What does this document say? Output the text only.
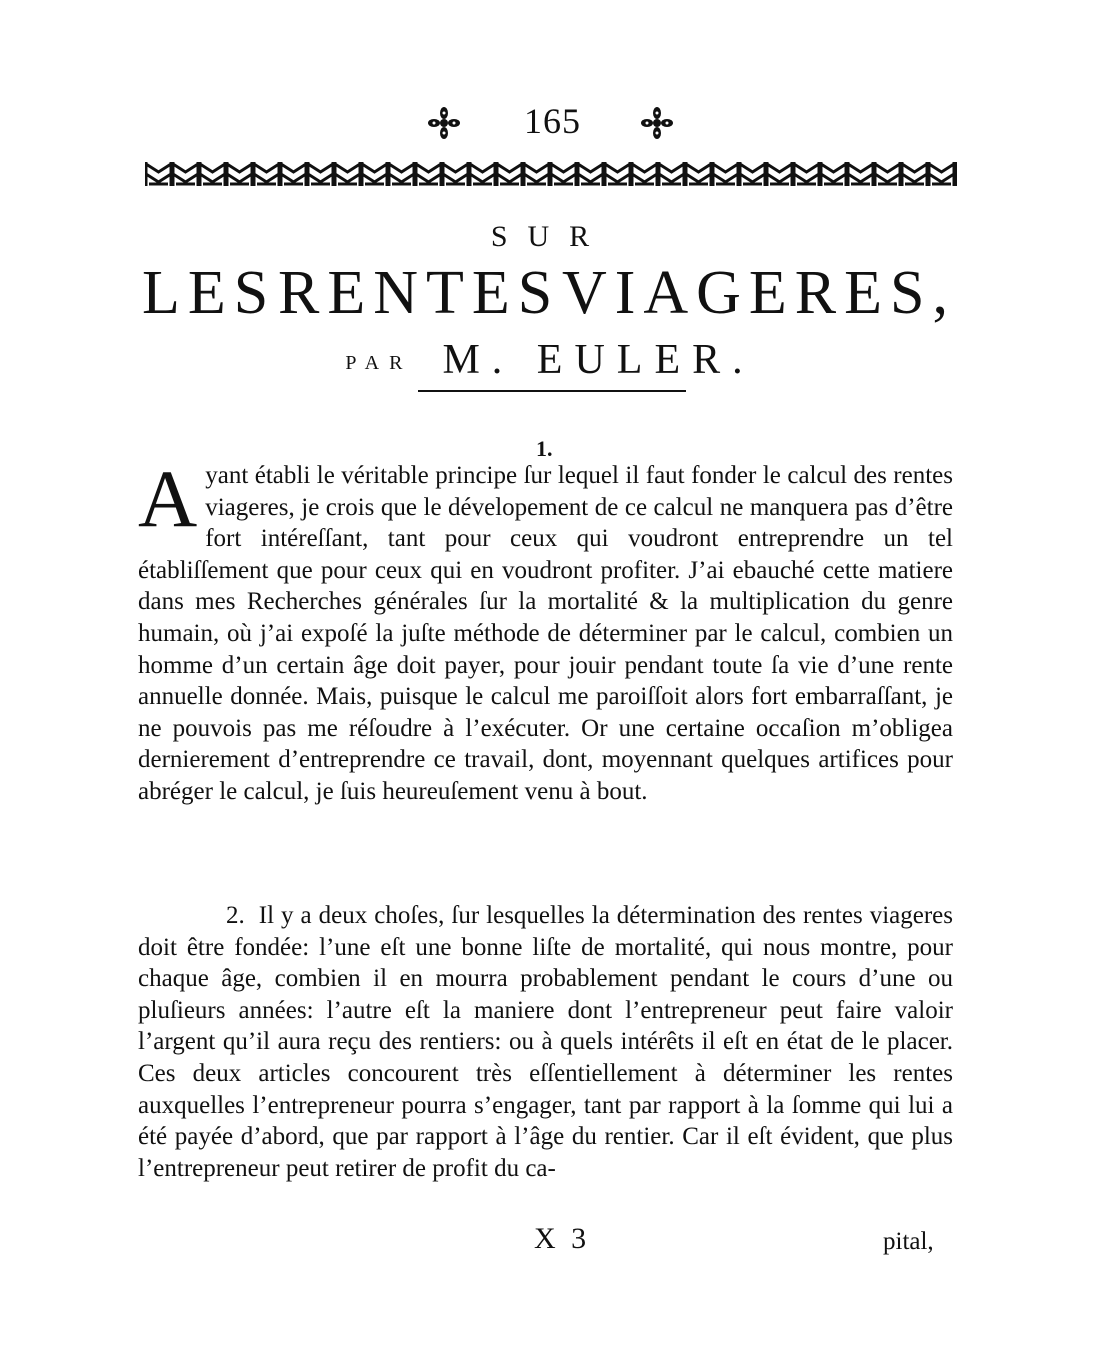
165
SUR
LES RENTES VIAGERES,
PAR M. EULER.
1.
A yant établi le véritable principe ſur lequel il faut fonder le calcul des rentes viageres, je crois que le dévelopement de ce calcul ne manquera pas d’être fort intéreſſant, tant pour ceux qui voudront entreprendre un tel établiſſement que pour ceux qui en voudront profiter. J’ai ebauché cette matiere dans mes Recherches générales ſur la mortalité & la multiplication du genre humain, où j’ai expoſé la juſte méthode de déterminer par le calcul, combien un homme d’un certain âge doit payer, pour jouir pendant toute ſa vie d’une rente annuelle donnée. Mais, puisque le calcul me paroiſſoit alors fort embarraſſant, je ne pouvois pas me réſoudre à l’exécuter. Or une certaine occaſion m’obligea dernierement d’entreprendre ce travail, dont, moyennant quelques artifices pour abréger le calcul, je ſuis heureuſement venu à bout.
2. Il y a deux choſes, ſur lesquelles la détermination des rentes viageres doit être fondée: l’une eſt une bonne liſte de mortalité, qui nous montre, pour chaque âge, combien il en mourra probablement pendant le cours d’une ou pluſieurs années: l’autre eſt la maniere dont l’entrepreneur peut faire valoir l’argent qu’il aura reçu des rentiers: ou à quels intérêts il eſt en état de le placer. Ces deux articles concourent très eſſentiellement à déterminer les rentes auxquelles l’entrepreneur pourra s’engager, tant par rapport à la ſomme qui lui a été payée d’abord, que par rapport à l’âge du rentier. Car il eſt évident, que plus l’entrepreneur peut retirer de profit du ca-
X 3	pital,
